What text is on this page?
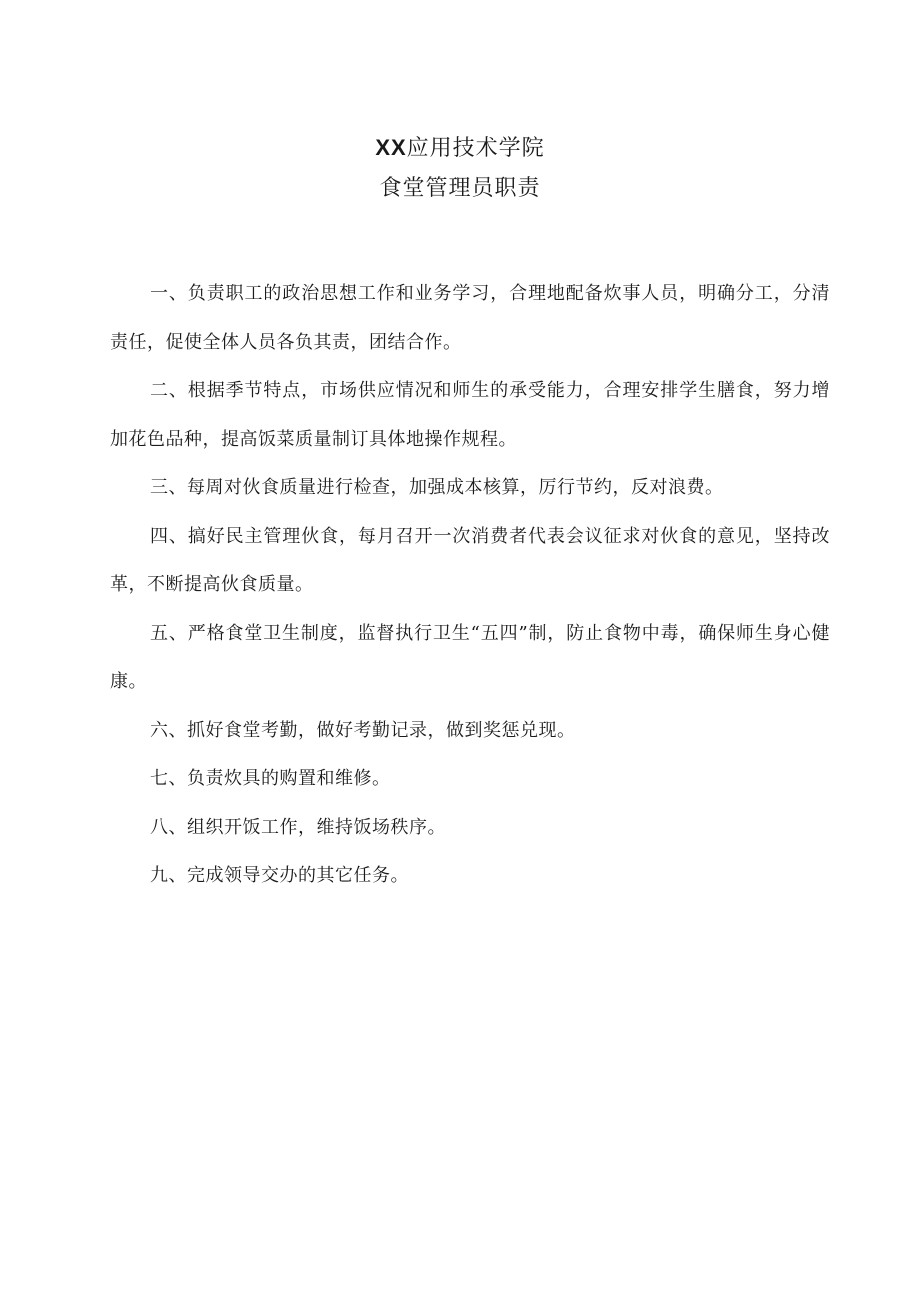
XX应用技术学院
食堂管理员职责

一、负责职工的政治思想工作和业务学习，合理地配备炊事人员，明确分工，分清责任，促使全体人员各负其责，团结合作。

二、根据季节特点，市场供应情况和师生的承受能力，合理安排学生膳食，努力增加花色品种，提高饭菜质量制订具体地操作规程。

三、每周对伙食质量进行检查，加强成本核算，厉行节约，反对浪费。

四、搞好民主管理伙食，每月召开一次消费者代表会议征求对伙食的意见，坚持改革，不断提高伙食质量。

五、严格食堂卫生制度，监督执行卫生“五四”制，防止食物中毒，确保师生身心健康。

六、抓好食堂考勤，做好考勤记录，做到奖惩兑现。

七、负责炊具的购置和维修。

八、组织开饭工作，维持饭场秩序。

九、完成领导交办的其它任务。
